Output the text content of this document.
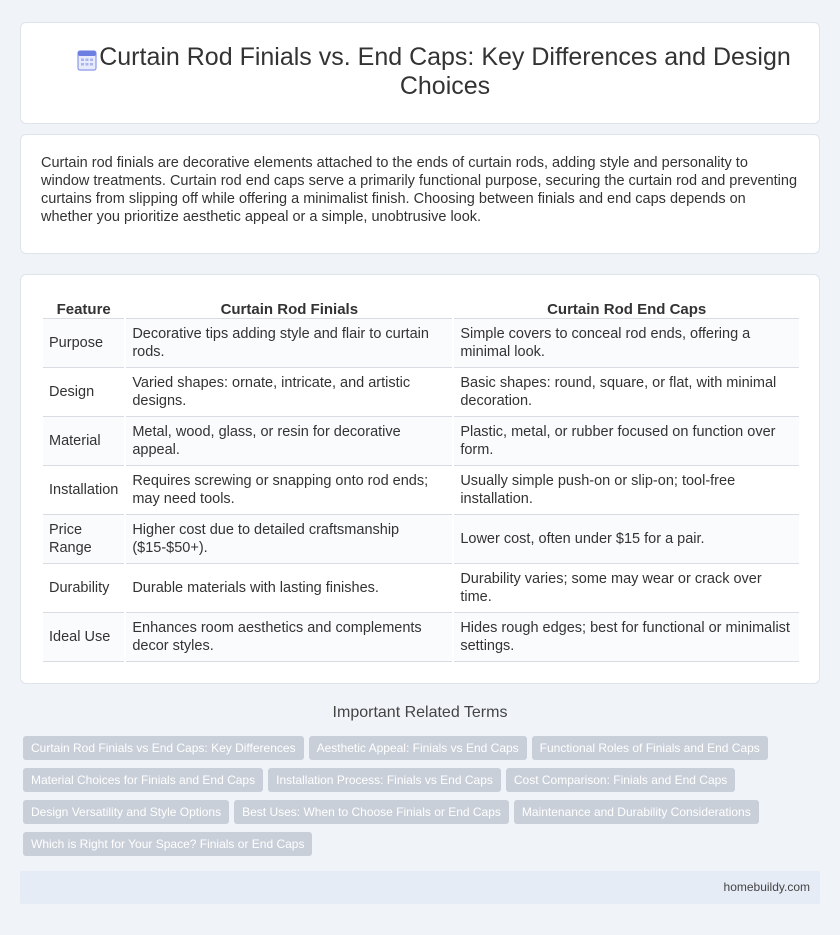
Curtain Rod Finials vs. End Caps: Key Differences and Design Choices

Curtain rod finials are decorative elements attached to the ends of curtain rods, adding style and personality to window treatments. Curtain rod end caps serve a primarily functional purpose, securing the curtain rod and preventing curtains from slipping off while offering a minimalist finish. Choosing between finials and end caps depends on whether you prioritize aesthetic appeal or a simple, unobtrusive look.

Feature	Curtain Rod Finials	Curtain Rod End Caps
Purpose	Decorative tips adding style and flair to curtain rods.	Simple covers to conceal rod ends, offering a minimal look.
Design	Varied shapes: ornate, intricate, and artistic designs.	Basic shapes: round, square, or flat, with minimal decoration.
Material	Metal, wood, glass, or resin for decorative appeal.	Plastic, metal, or rubber focused on function over form.
Installation	Requires screwing or snapping onto rod ends; may need tools.	Usually simple push-on or slip-on; tool-free installation.
Price Range	Higher cost due to detailed craftsmanship ($15-$50+).	Lower cost, often under $15 for a pair.
Durability	Durable materials with lasting finishes.	Durability varies; some may wear or crack over time.
Ideal Use	Enhances room aesthetics and complements decor styles.	Hides rough edges; best for functional or minimalist settings.
Important Related Terms
Curtain Rod Finials vs End Caps: Key Differences Aesthetic Appeal: Finials vs End Caps Functional Roles of Finials and End Caps
Material Choices for Finials and End Caps Installation Process: Finials vs End Caps Cost Comparison: Finials and End Caps
Design Versatility and Style Options Best Uses: When to Choose Finials or End Caps Maintenance and Durability Considerations
Which is Right for Your Space? Finials or End Caps
homebuildy.com
